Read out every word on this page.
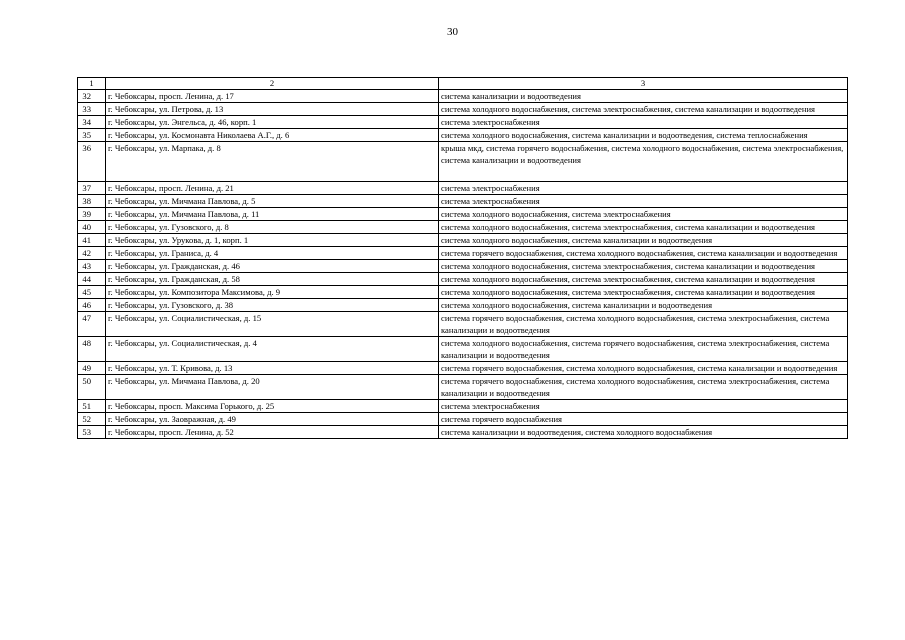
30
1	2	3
32	г. Чебоксары, просп. Ленина, д. 17	система канализации и водоотведения
33	г. Чебоксары, ул. Петрова, д. 13	система холодного водоснабжения, система электроснабжения, система канализации и водоотведения
34	г. Чебоксары, ул. Энгельса, д. 46, корп. 1	система электроснабжения
35	г. Чебоксары, ул. Космонавта Николаева А.Г., д. 6	система холодного водоснабжения, система канализации и водоотведения, система теплоснабжения
36	г. Чебоксары, ул. Марпака, д. 8	крыша мкд, система горячего водоснабжения, система холодного водоснабжения, система электроснабжения, система канализации и водоотведения
37	г. Чебоксары, просп. Ленина, д. 21	система электроснабжения
38	г. Чебоксары, ул. Мичмана Павлова, д. 5	система электроснабжения
39	г. Чебоксары, ул. Мичмана Павлова, д. 11	система холодного водоснабжения, система электроснабжения
40	г. Чебоксары, ул. Гузовского, д. 8	система холодного водоснабжения, система электроснабжения, система канализации и водоотведения
41	г. Чебоксары, ул. Урукова, д. 1, корп. 1	система холодного водоснабжения, система канализации и водоотведения
42	г. Чебоксары, ул. Граниса, д. 4	система горячего водоснабжения, система холодного водоснабжения, система канализации и водоотведения
43	г. Чебоксары, ул. Гражданская, д. 46	система холодного водоснабжения, система электроснабжения, система канализации и водоотведения
44	г. Чебоксары, ул. Гражданская, д. 58	система холодного водоснабжения, система электроснабжения, система канализации и водоотведения
45	г. Чебоксары, ул. Композитора Максимова, д. 9	система холодного водоснабжения, система электроснабжения, система канализации и водоотведения
46	г. Чебоксары, ул. Гузовского, д. 38	система холодного водоснабжения, система канализации и водоотведения
47	г. Чебоксары, ул. Социалистическая, д. 15	система горячего водоснабжения, система холодного водоснабжения, система электроснабжения, система канализации и водоотведения
48	г. Чебоксары, ул. Социалистическая, д. 4	система холодного водоснабжения, система горячего водоснабжения, система электроснабжения, система канализации и водоотведения
49	г. Чебоксары, ул. Т. Кривова, д. 13	система горячего водоснабжения, система холодного водоснабжения, система канализации и водоотведения
50	г. Чебоксары, ул. Мичмана Павлова, д. 20	система горячего водоснабжения, система холодного водоснабжения, система электроснабжения, система канализации и водоотведения
51	г. Чебоксары, просп. Максима Горького, д. 25	система электроснабжения
52	г. Чебоксары, ул. Заовражная, д. 49	система горячего водоснабжения
53	г. Чебоксары, просп. Ленина, д. 52	система канализации и водоотведения, система холодного водоснабжения
